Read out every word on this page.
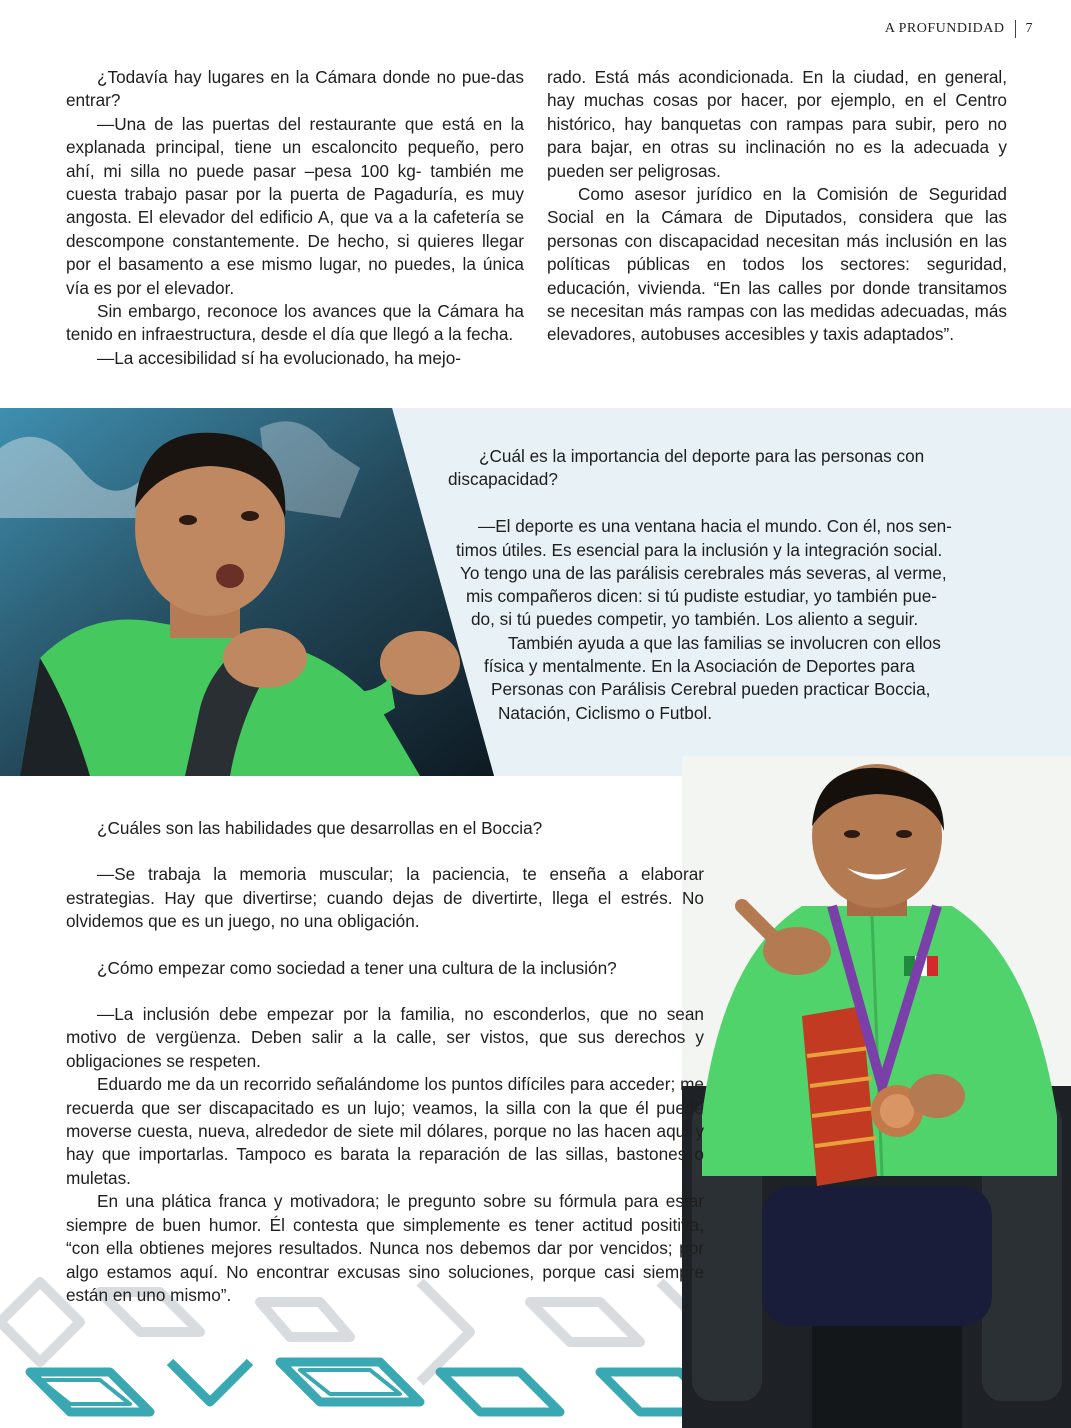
A PROFUNDIDAD 7

¿Todavía hay lugares en la Cámara donde no pue-das entrar?

—Una de las puertas del restaurante que está en la explanada principal, tiene un escaloncito pequeño, pero ahí, mi silla no puede pasar –pesa 100 kg- también me cuesta trabajo pasar por la puerta de Pagaduría, es muy angosta. El elevador del edificio A, que va a la cafetería se descompone constantemente. De hecho, si quieres llegar por el basamento a ese mismo lugar, no puedes, la única vía es por el elevador.

Sin embargo, reconoce los avances que la Cámara ha tenido en infraestructura, desde el día que llegó a la fecha.

—La accesibilidad sí ha evolucionado, ha mejo-

rado. Está más acondicionada. En la ciudad, en general, hay muchas cosas por hacer, por ejemplo, en el Centro histórico, hay banquetas con rampas para subir, pero no para bajar, en otras su inclinación no es la adecuada y pueden ser peligrosas.

Como asesor jurídico en la Comisión de Seguridad Social en la Cámara de Diputados, considera que las personas con discapacidad necesitan más inclusión en las políticas públicas en todos los sectores: seguridad, educación, vivienda. “En las calles por donde transitamos se necesitan más rampas con las medidas adecuadas, más elevadores, autobuses accesibles y taxis adaptados”.

¿Cuál es la importancia del deporte para las personas con

discapacidad?

—El deporte es una ventana hacia el mundo. Con él, nos sen-

timos útiles. Es esencial para la inclusión y la integración social.

Yo tengo una de las parálisis cerebrales más severas, al verme,

mis compañeros dicen: si tú pudiste estudiar, yo también pue-

do, si tú puedes competir, yo también. Los aliento a seguir.

También ayuda a que las familias se involucren con ellos

física y mentalmente. En la Asociación de Deportes para

Personas con Parálisis Cerebral pueden practicar Boccia,

Natación, Ciclismo o Futbol.

¿Cuáles son las habilidades que desarrollas en el Boccia?

—Se trabaja la memoria muscular; la paciencia, te enseña a elaborar estrategias. Hay que divertirse; cuando dejas de divertirte, llega el estrés. No olvidemos que es un juego, no una obligación.

¿Cómo empezar como sociedad a tener una cultura de la inclusión?

—La inclusión debe empezar por la familia, no esconderlos, que no sean motivo de vergüenza. Deben salir a la calle, ser vistos, que sus derechos y obligaciones se respeten.

Eduardo me da un recorrido señalándome los puntos difíciles para acceder; me recuerda que ser discapacitado es un lujo; veamos, la silla con la que él puede moverse cuesta, nueva, alrededor de siete mil dólares, porque no las hacen aquí y hay que importarlas. Tampoco es barata la reparación de las sillas, bastones o muletas.

En una plática franca y motivadora; le pregunto sobre su fórmula para estar siempre de buen humor. Él contesta que simplemente es tener actitud positiva, “con ella obtienes mejores resultados. Nunca nos debemos dar por vencidos; por algo estamos aquí. No encontrar excusas sino soluciones, porque casi siempre están en uno mismo”.
